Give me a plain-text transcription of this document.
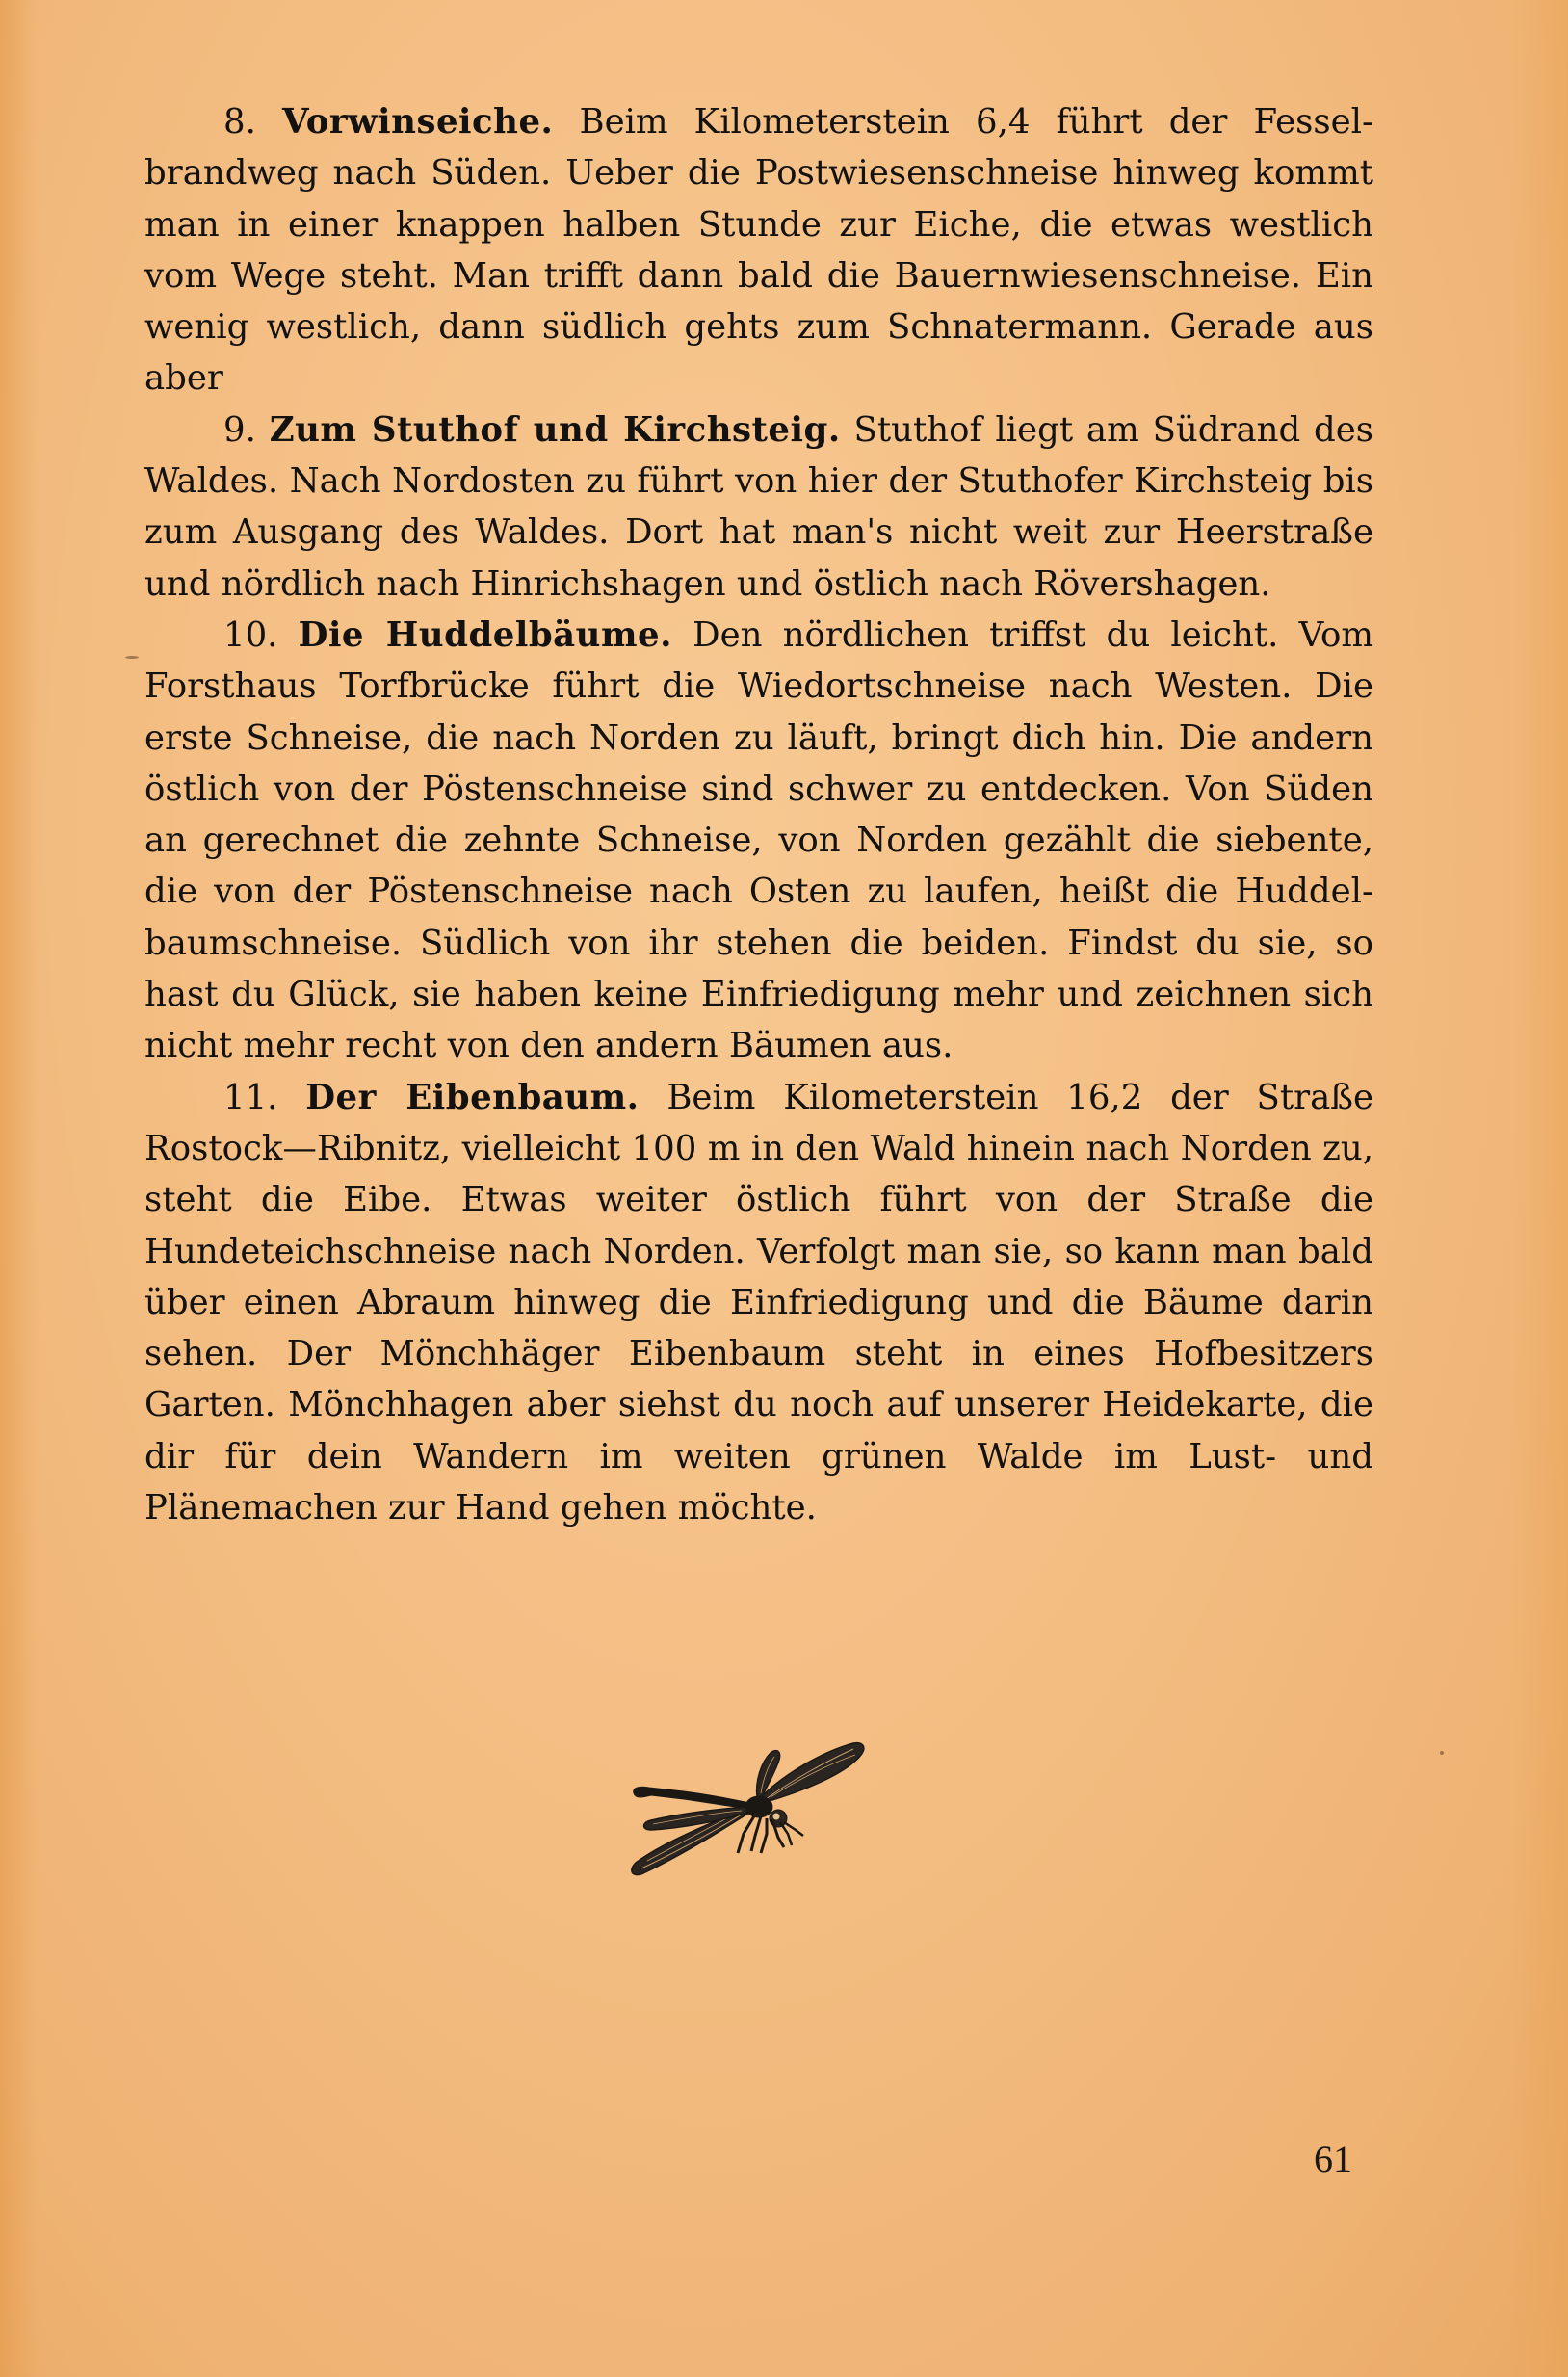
8. Vorwinseiche. Beim Kilometerstein 6,4 führt der Fesselbrandweg nach Süden. Ueber die Postwiesenschneise hinweg kommt man in einer knappen halben Stunde zur Eiche, die etwas westlich vom Wege steht. Man trifft dann bald die Bauernwiesenschneise. Ein wenig westlich, dann südlich gehts zum Schnatermann. Gerade aus aber

9. Zum Stuthof und Kirchsteig. Stuthof liegt am Südrand des Waldes. Nach Nordosten zu führt von hier der Stuthofer Kirchsteig bis zum Ausgang des Waldes. Dort hat man's nicht weit zur Heerstraße und nördlich nach Hinrichshagen und östlich nach Rövershagen.

10. Die Huddelbäume. Den nördlichen triffst du leicht. Vom Forsthaus Torfbrücke führt die Wiedortschneise nach Westen. Die erste Schneise, die nach Norden zu läuft, bringt dich hin. Die andern östlich von der Pöstenschneise sind schwer zu entdecken. Von Süden an gerechnet die zehnte Schneise, von Norden gezählt die siebente, die von der Pöstenschneise nach Osten zu laufen, heißt die Huddelbaumschneise. Südlich von ihr stehen die beiden. Findst du sie, so hast du Glück, sie haben keine Einfriedigung mehr und zeichnen sich nicht mehr recht von den andern Bäumen aus.

11. Der Eibenbaum. Beim Kilometerstein 16,2 der Straße Rostock—Ribnitz, vielleicht 100 m in den Wald hinein nach Norden zu, steht die Eibe. Etwas weiter östlich führt von der Straße die Hundeteichschneise nach Norden. Verfolgt man sie, so kann man bald über einen Abraum hinweg die Einfriedigung und die Bäume darin sehen. Der Mönchhäger Eibenbaum steht in eines Hofbesitzers Garten. Mönchhagen aber siehst du noch auf unserer Heidekarte, die dir für dein Wandern im weiten grünen Walde im Lust- und Plänemachen zur Hand gehen möchte.

61
